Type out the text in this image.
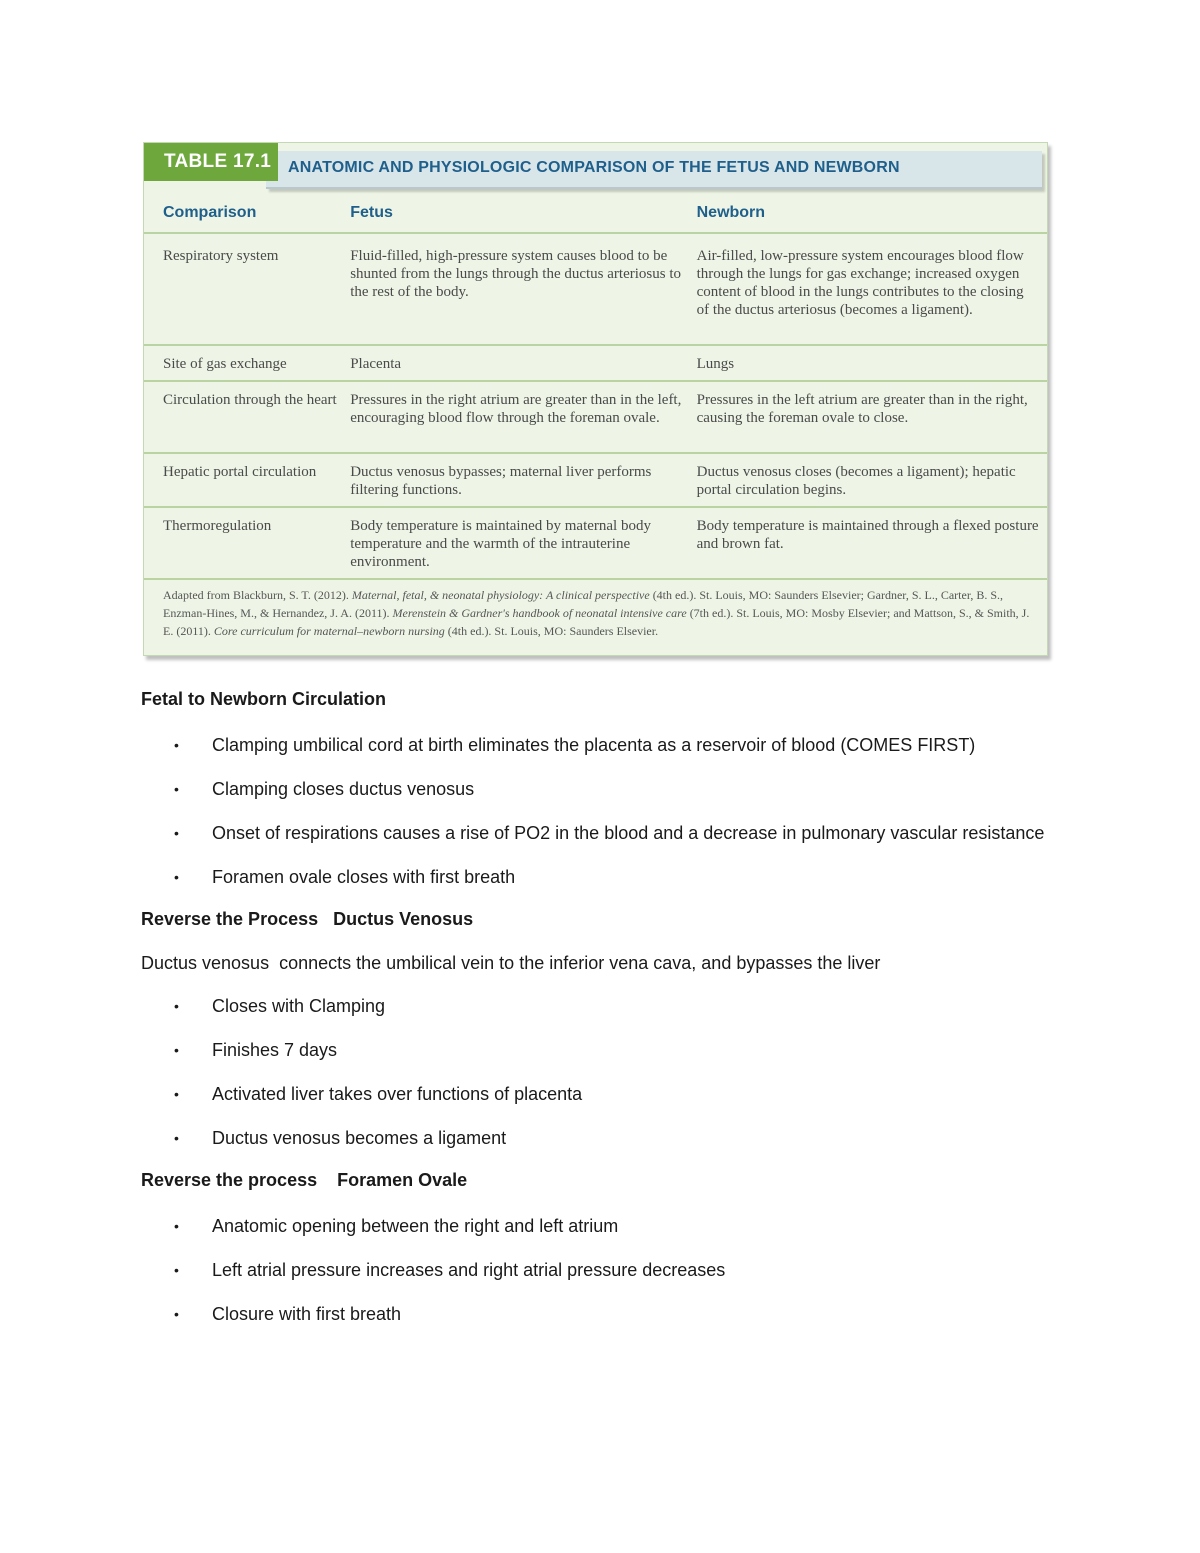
ANATOMIC AND PHYSIOLOGIC COMPARISON OF THE FETUS AND NEWBORN
TABLE 17.1
Comparison	Fetus	Newborn
Respiratory system	Fluid-filled, high-pressure system causes blood to be shunted from the lungs through the ductus arteriosus to the rest of the body.	Air-filled, low-pressure system encourages blood flow through the lungs for gas exchange; increased oxygen content of blood in the lungs contributes to the closing of the ductus arteriosus (becomes a ligament).
Site of gas exchange	Placenta	Lungs
Circulation through the heart	Pressures in the right atrium are greater than in the left, encouraging blood flow through the foreman ovale.	Pressures in the left atrium are greater than in the right, causing the foreman ovale to close.
Hepatic portal circulation	Ductus venosus bypasses; maternal liver performs filtering functions.	Ductus venosus closes (becomes a ligament); hepatic portal circulation begins.
Thermoregulation	Body temperature is maintained by maternal body temperature and the warmth of the intrauterine environment.	Body temperature is maintained through a flexed posture and brown fat.
Adapted from Blackburn, S. T. (2012). Maternal, fetal, & neonatal physiology: A clinical perspective (4th ed.). St. Louis, MO: Saunders Elsevier; Gardner, S. L., Carter, B. S., Enzman-Hines, M., & Hernandez, J. A. (2011). Merenstein & Gardner's handbook of neonatal intensive care (7th ed.). St. Louis, MO: Mosby Elsevier; and Mattson, S., & Smith, J. E. (2011). Core curriculum for maternal–newborn nursing (4th ed.). St. Louis, MO: Saunders Elsevier.
Fetal to Newborn Circulation
• Clamping umbilical cord at birth eliminates the placenta as a reservoir of blood (COMES FIRST)
• Clamping closes ductus venosus
• Onset of respirations causes a rise of PO2 in the blood and a decrease in pulmonary vascular resistance
• Foramen ovale closes with first breath
Reverse the Process   Ductus Venosus

Ductus venosus  connects the umbilical vein to the inferior vena cava, and bypasses the liver

• Closes with Clamping
• Finishes 7 days
• Activated liver takes over functions of placenta
• Ductus venosus becomes a ligament
Reverse the process    Foramen Ovale
• Anatomic opening between the right and left atrium
• Left atrial pressure increases and right atrial pressure decreases
• Closure with first breath
